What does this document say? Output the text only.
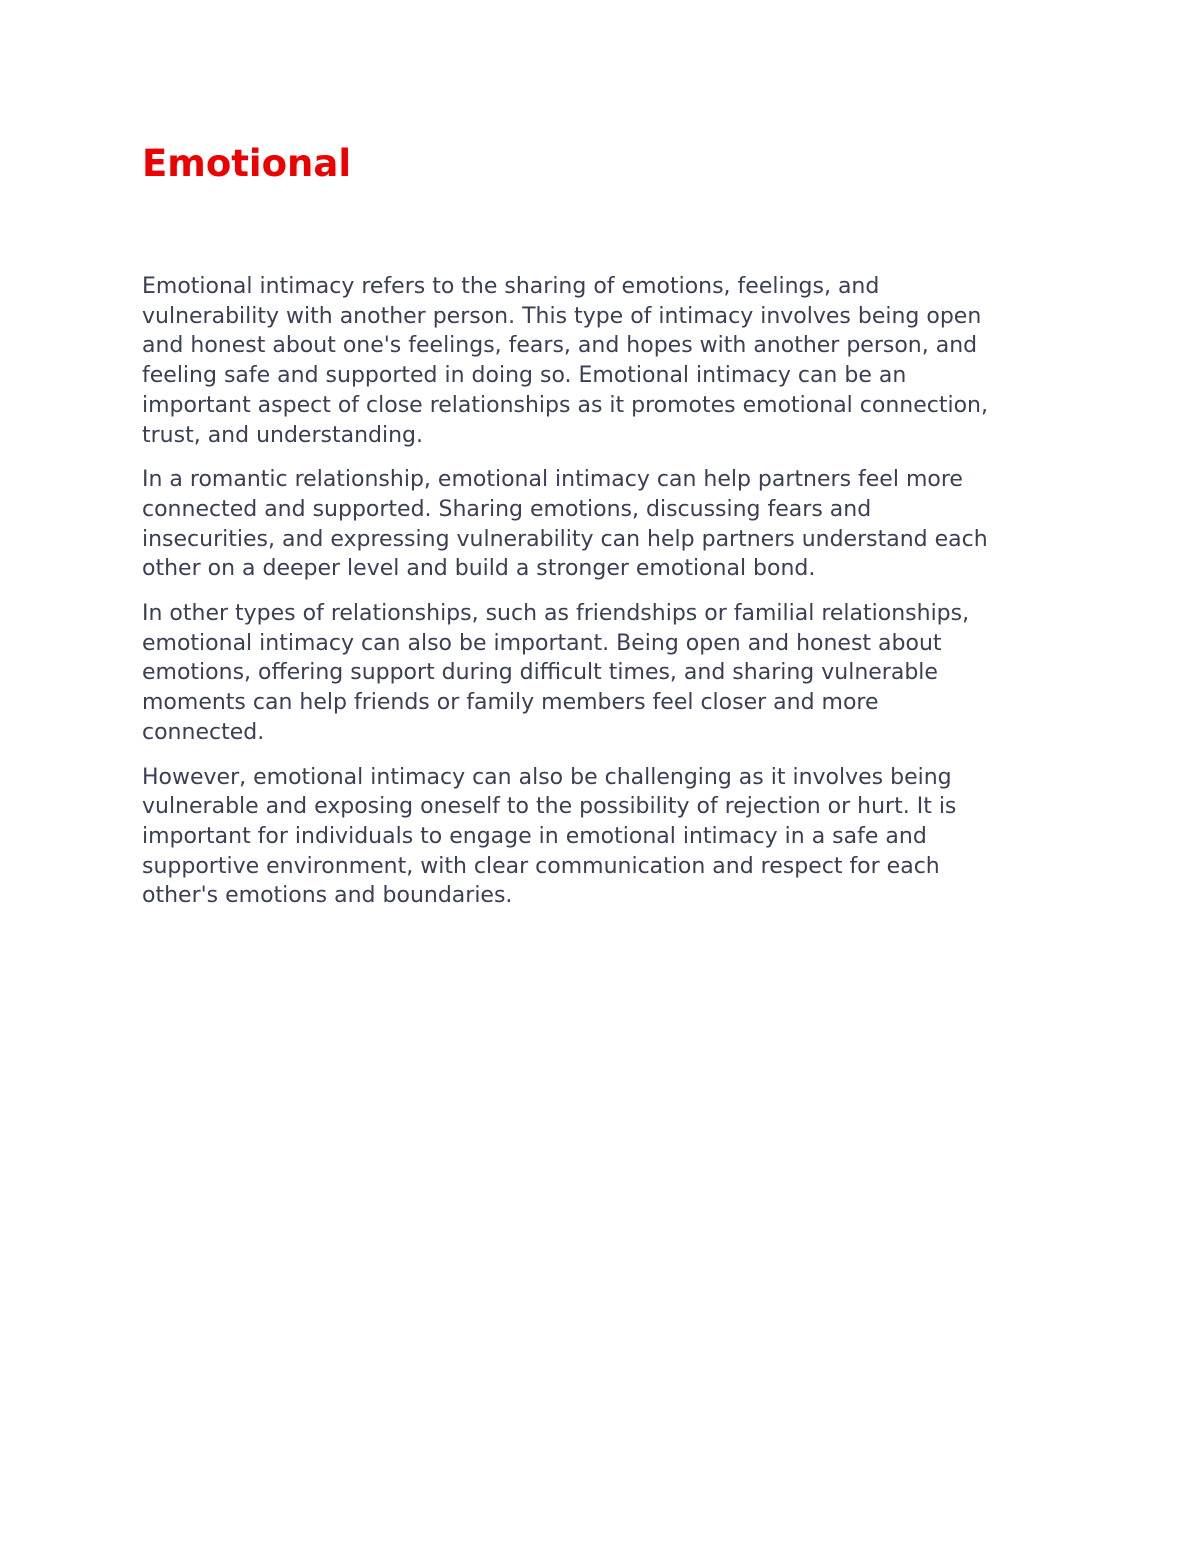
Emotional

Emotional intimacy refers to the sharing of emotions, feelings, and
vulnerability with another person. This type of intimacy involves being open
and honest about one's feelings, fears, and hopes with another person, and
feeling safe and supported in doing so. Emotional intimacy can be an
important aspect of close relationships as it promotes emotional connection,
trust, and understanding.

In a romantic relationship, emotional intimacy can help partners feel more
connected and supported. Sharing emotions, discussing fears and
insecurities, and expressing vulnerability can help partners understand each
other on a deeper level and build a stronger emotional bond.

In other types of relationships, such as friendships or familial relationships,
emotional intimacy can also be important. Being open and honest about
emotions, offering support during difficult times, and sharing vulnerable
moments can help friends or family members feel closer and more
connected.

However, emotional intimacy can also be challenging as it involves being
vulnerable and exposing oneself to the possibility of rejection or hurt. It is
important for individuals to engage in emotional intimacy in a safe and
supportive environment, with clear communication and respect for each
other's emotions and boundaries.
